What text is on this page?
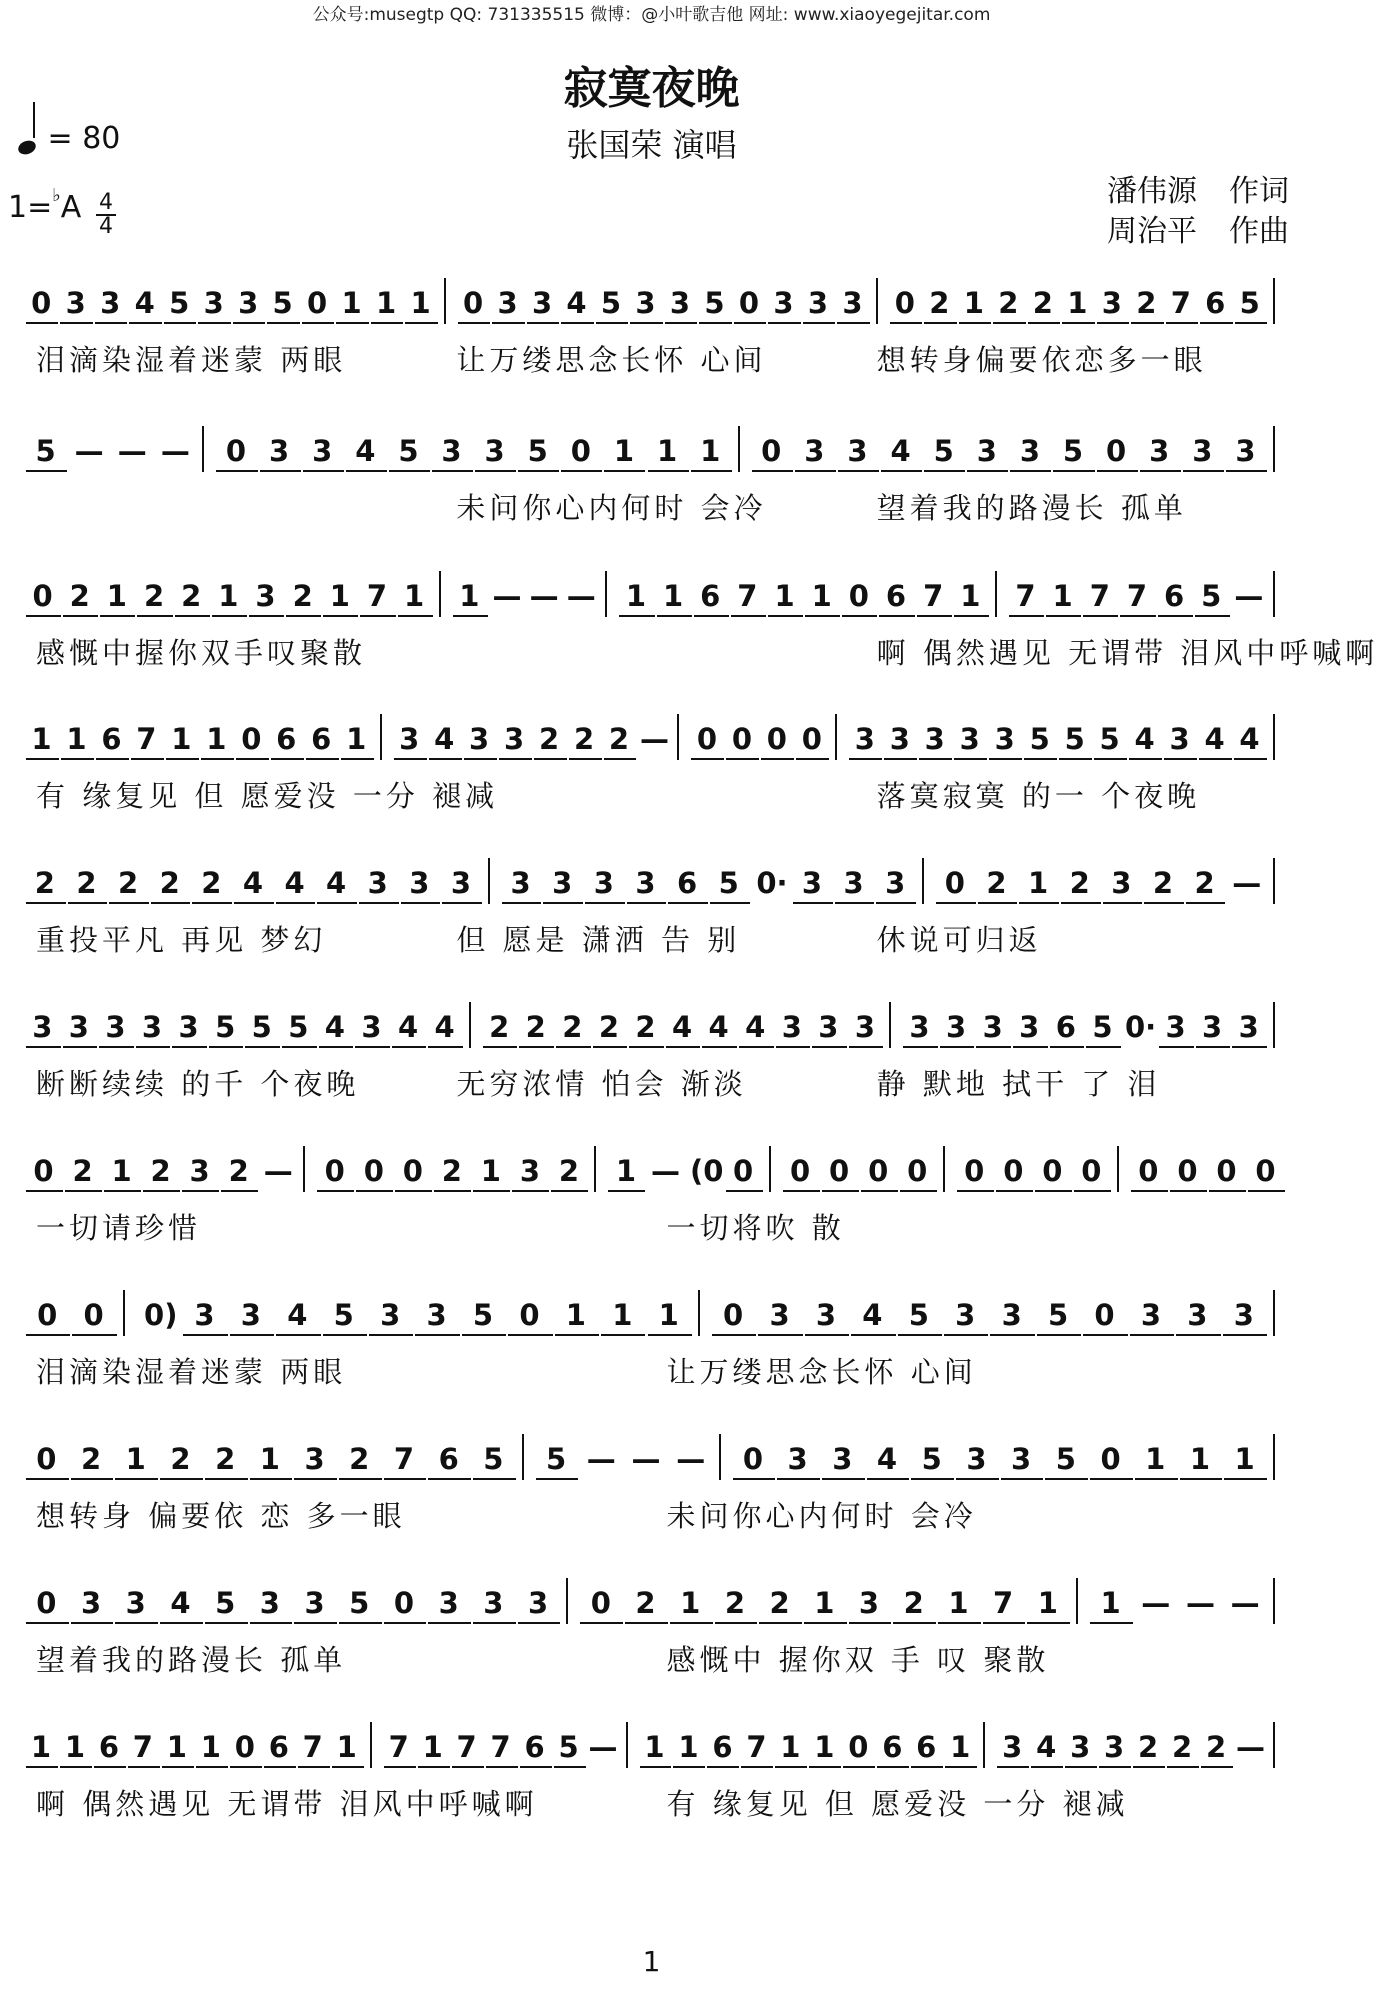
公众号:musegtp QQ: 731335515 微博：@小叶歌吉他 网址: www.xiaoyegejitar.com
寂寞夜晚
张国荣 演唱
= 80
1=♭A 4
4
潘伟源 作词
周治平 作曲
0 3 3 4 5 3 3 5 0 1 1 1 0 3 3 4 5 3 3 5 0 3 3 3 0 2 1 2 2 1 3 2 7 6 5
泪滴染湿着迷蒙 两眼	让万缕思念长怀 心间	想转身偏要依恋多一眼
5 — — — 0 3 3 4 5 3 3 5 0 1 1 1 0 3 3 4 5 3 3 5 0 3 3 3
未问你心内何时 会冷	望着我的路漫长 孤单
0 2 1 2 2 1 3 2 1 7 1 1 — — — 1 1 6 7 1 1 0 6 7 1 7 1 7 7 6 5 —
感慨中握你双手叹聚散	啊 偶然遇见 无谓带 泪风中呼喊啊
1 1 6 7 1 1 0 6 6 1 3 4 3 3 2 2 2 — 0 0 0 0 3 3 3 3 3 5 5 5 4 3 4 4
有 缘复见 但 愿爱没 一分 褪减	落寞寂寞 的一 个夜晚
2 2 2 2 2 4 4 4 3 3 3 3 3 3 3 6 5 0· 3 3 3 0 2 1 2 3 2 2 —
重投平凡 再见 梦幻	但 愿是 潇洒 告 别	休说可归返
3 3 3 3 3 5 5 5 4 3 4 4 2 2 2 2 2 4 4 4 3 3 3 3 3 3 3 6 5 0· 3 3 3
断断续续 的千 个夜晚	无穷浓情 怕会 渐淡	静 默地 拭干 了 泪
0 2 1 2 3 2 — 0 0 0 2 1 3 2 1 — (0 0 0 0 0 0 0 0 0 0 0 0 0 0
一切请珍惜	一切将吹 散
0 0 0) 3 3 4 5 3 3 5 0 1 1 1 0 3 3 4 5 3 3 5 0 3 3 3
泪滴染湿着迷蒙 两眼	让万缕思念长怀 心间
0 2 1 2 2 1 3 2 7 6 5 5 — — — 0 3 3 4 5 3 3 5 0 1 1 1
想转身 偏要依 恋 多一眼	未问你心内何时 会冷
0 3 3 4 5 3 3 5 0 3 3 3 0 2 1 2 2 1 3 2 1 7 1 1 — — —
望着我的路漫长 孤单	感慨中 握你双 手 叹 聚散
1 1 6 7 1 1 0 6 7 1 7 1 7 7 6 5 — 1 1 6 7 1 1 0 6 6 1 3 4 3 3 2 2 2 —
啊 偶然遇见 无谓带 泪风中呼喊啊	有 缘复见 但 愿爱没 一分 褪减
1
